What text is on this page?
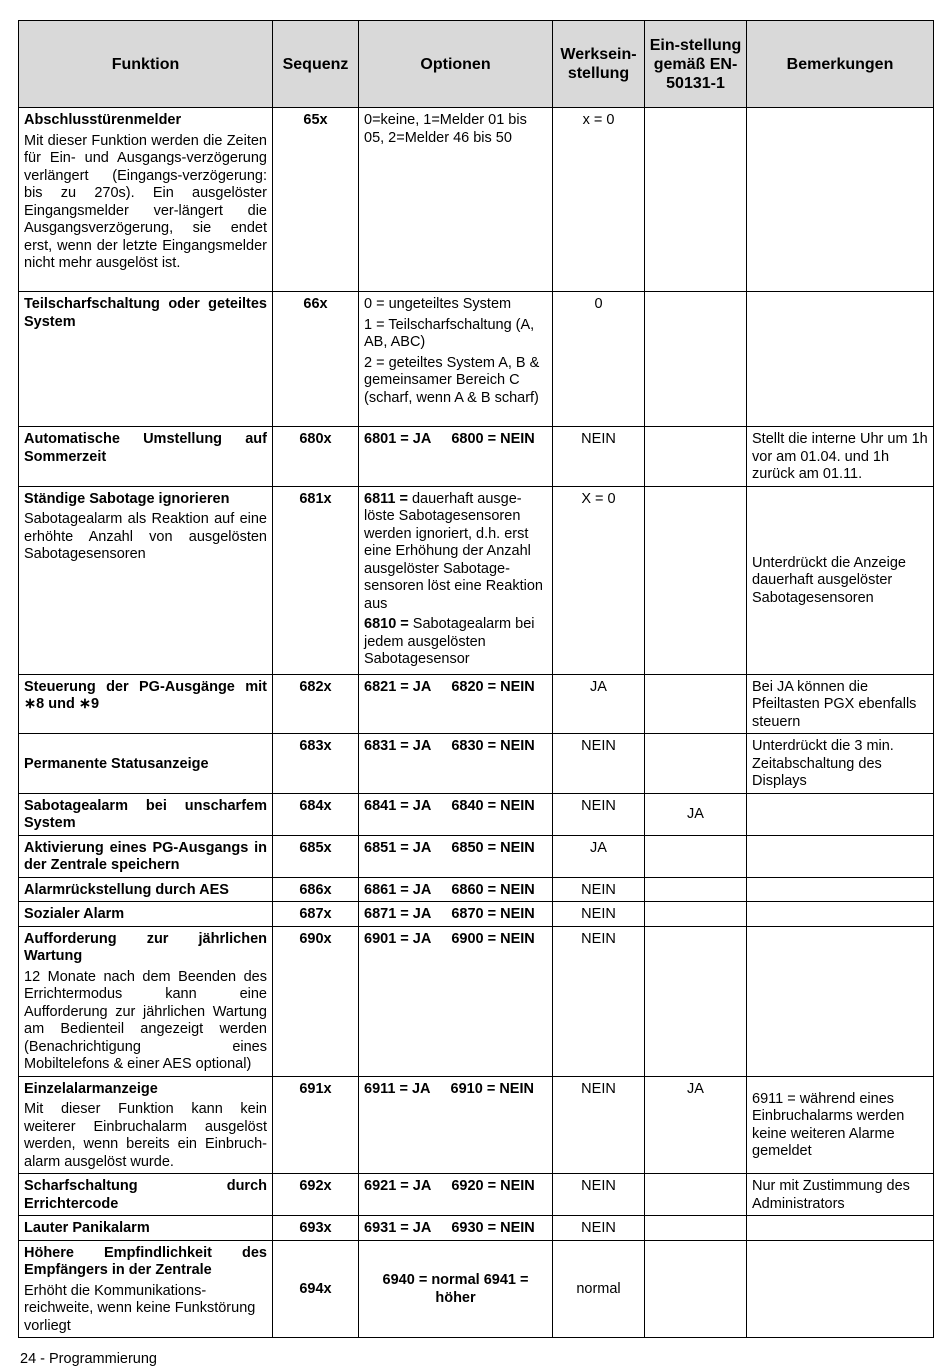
Funktion	Sequenz	Optionen	Werksein-stellung	Ein-stellung gemäß EN-50131-1	Bemerkungen

Abschlusstürenmelder
Mit dieser Funktion werden die Zeiten für Ein- und Ausgangs-verzögerung verlängert (Eingangs-verzögerung: bis zu 270s). Ein ausgelöster Eingangsmelder ver-längert die Ausgangsverzögerung, sie endet erst, wenn der letzte Eingangsmelder nicht mehr ausgelöst ist.	65x	0=keine, 1=Melder 01 bis 05, 2=Melder 46 bis 50	x = 0		

Teilscharfschaltung oder geteiltes System	66x	0 = ungeteiltes System
1 = Teilscharfschaltung (A, AB, ABC)
2 = geteiltes System A, B & gemeinsamer Bereich C (scharf, wenn A & B scharf)	0		

Automatische Umstellung auf Sommerzeit	680x	6801 = JA 6800 = NEIN	NEIN		Stellt die interne Uhr um 1h vor am 01.04. und 1h zurück am 01.11.

Ständige Sabotage ignorieren
Sabotagealarm als Reaktion auf eine erhöhte Anzahl von ausgelösten Sabotagesensoren	681x	6811 = dauerhaft ausge-löste Sabotagesensoren werden ignoriert, d.h. erst eine Erhöhung der Anzahl ausgelöster Sabotage-sensoren löst eine Reaktion aus
6810 = Sabotagealarm bei jedem ausgelösten Sabotagesensor	X = 0		Unterdrückt die Anzeige dauerhaft ausgelöster Sabotagesensoren

Steuerung der PG-Ausgänge mit ∗8 und ∗9	682x	6821 = JA 6820 = NEIN	JA		Bei JA können die Pfeiltasten PGX ebenfalls steuern

Permanente Statusanzeige	683x	6831 = JA 6830 = NEIN	NEIN		Unterdrückt die 3 min. Zeitabschaltung des Displays

Sabotagealarm bei unscharfem System	684x	6841 = JA 6840 = NEIN	NEIN	JA	

Aktivierung eines PG-Ausgangs in der Zentrale speichern	685x	6851 = JA 6850 = NEIN	JA		

Alarmrückstellung durch AES	686x	6861 = JA 6860 = NEIN	NEIN		

Sozialer Alarm	687x	6871 = JA 6870 = NEIN	NEIN		

Aufforderung zur jährlichen Wartung
12 Monate nach dem Beenden des Errichtermodus kann eine Aufforderung zur jährlichen Wartung am Bedienteil angezeigt werden (Benachrichtigung eines Mobiltelefons & einer AES optional)	690x	6901 = JA 6900 = NEIN	NEIN		

Einzelalarmanzeige
Mit dieser Funktion kann kein weiterer Einbruchalarm ausgelöst werden, wenn bereits ein Einbruch-alarm ausgelöst wurde.	691x	6911 = JA 6910 = NEIN	NEIN	JA	6911 = während eines Einbruchalarms werden keine weiteren Alarme gemeldet

Scharfschaltung durch Errichtercode	692x	6921 = JA 6920 = NEIN	NEIN		Nur mit Zustimmung des Administrators

Lauter Panikalarm	693x	6931 = JA 6930 = NEIN	NEIN		

Höhere Empfindlichkeit des Empfängers in der Zentrale
Erhöht die Kommunikations-reichweite, wenn keine Funkstörung vorliegt	694x	6940 = normal 6941 = höher	normal		
24 - Programmierung
